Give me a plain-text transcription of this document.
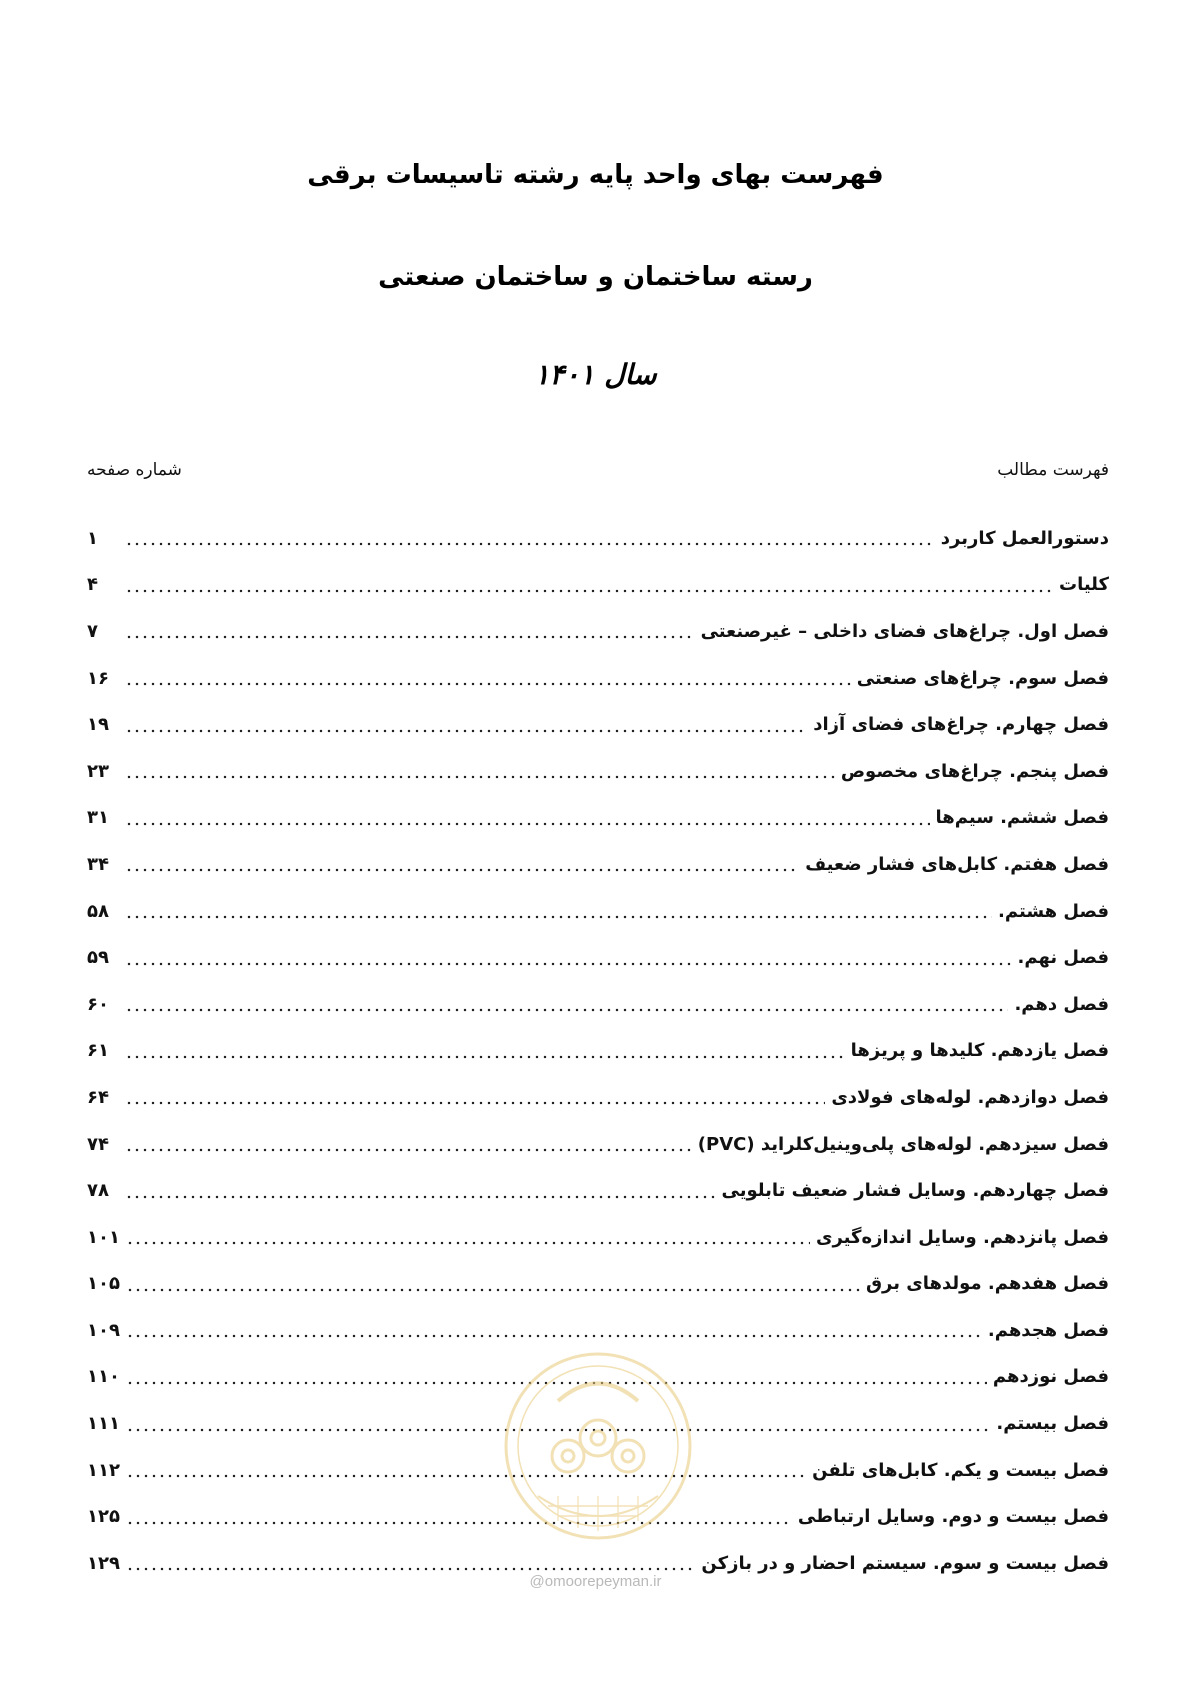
فهرست بهای واحد پایه رشته تاسیسات برقی
رسته ساختمان و ساختمان صنعتی
سال ۱۴۰۱
فهرست مطالب
شماره صفحه
دستورالعمل کاربرد
۱
کلیات
۴
فصل اول. چراغ‌های فضای داخلی – غیرصنعتی
۷
فصل سوم. چراغ‌های صنعتی
۱۶
فصل چهارم. چراغ‌های فضای آزاد
۱۹
فصل پنجم. چراغ‌های مخصوص
۲۳
فصل ششم. سیم‌ها
۳۱
فصل هفتم. کابل‌های فشار ضعیف
۳۴
فصل هشتم.
۵۸
فصل نهم.
۵۹
فصل دهم.
۶۰
فصل یازدهم. کلیدها و پریزها
۶۱
فصل دوازدهم. لوله‌های فولادی
۶۴
فصل سیزدهم. لوله‌های پلی‌وینیل‌کلراید (PVC)
۷۴
فصل چهاردهم. وسایل فشار ضعیف تابلویی
۷۸
فصل پانزدهم. وسایل اندازه‌گیری
۱۰۱
فصل هفدهم. مولدهای برق
۱۰۵
فصل هجدهم.
۱۰۹
فصل نوزدهم
۱۱۰
فصل بیستم.
۱۱۱
فصل بیست و یکم. کابل‌های تلفن
۱۱۲
فصل بیست و دوم. وسایل ارتباطی
۱۲۵
فصل بیست و سوم. سیستم احضار و در بازکن
۱۲۹
@omoorepeyman.ir
